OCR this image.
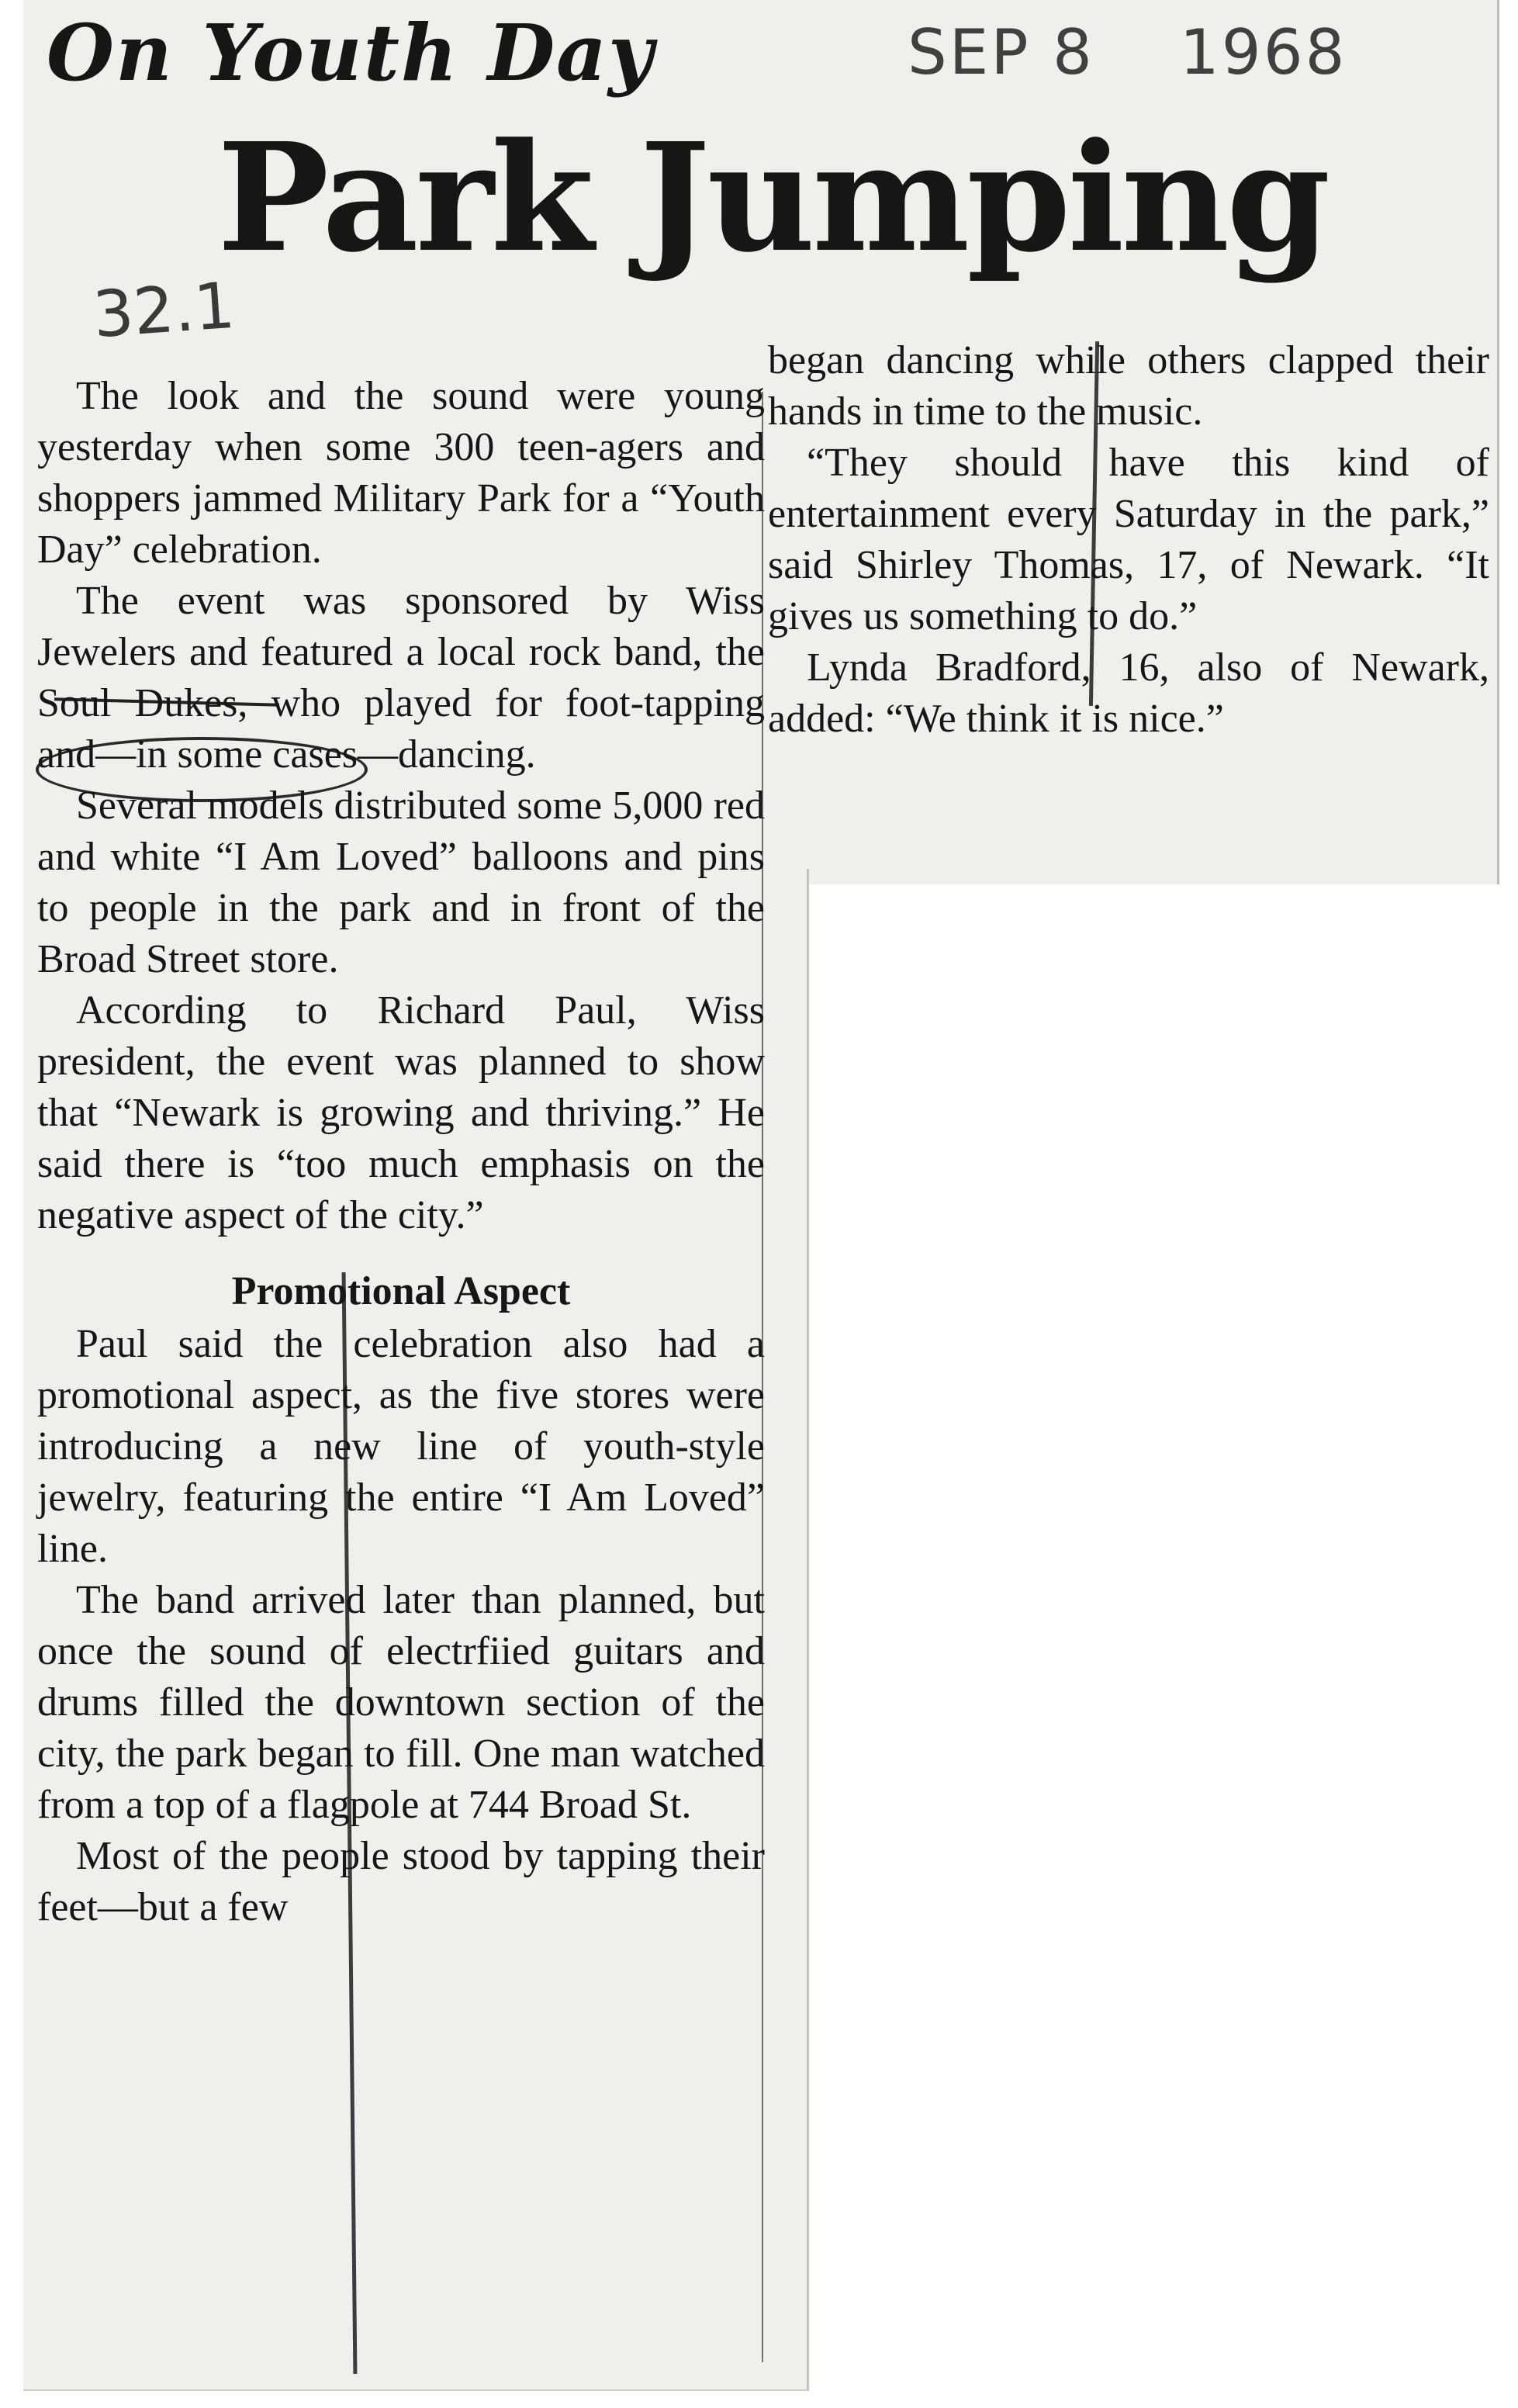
On Youth Day	SEP 8 1968
Park Jumping
32.1

The look and the sound were young yesterday when some 300 teen-agers and shoppers jammed Military Park for a “Youth Day” celebration.

The event was sponsored by Wiss Jewelers and featured a local rock band, the Soul Dukes, who played for foot-tapping and—in some cases—dancing.

Several models distributed some 5,000 red and white “I Am Loved” balloons and pins to people in the park and in front of the Broad Street store.

According to Richard Paul, Wiss president, the event was planned to show that “Newark is growing and thriving.” He said there is “too much emphasis on the negative aspect of the city.”

Promotional Aspect

Paul said the celebration also had a promotional aspect, as the five stores were introducing a new line of youth-style jewelry, featuring the entire “I Am Loved” line.

The band arrived later than planned, but once the sound of electrfiied guitars and drums filled the downtown section of the city, the park began to fill. One man watched from a top of a flagpole at 744 Broad St.

Most of the people stood by tapping their feet—but a few

began dancing while others clapped their hands in time to the music.

“They should have this kind of entertainment every Saturday in the park,” said Shirley Thomas, 17, of Newark. “It gives us something to do.”

Lynda Bradford, 16, also of Newark, added: “We think it is nice.”
